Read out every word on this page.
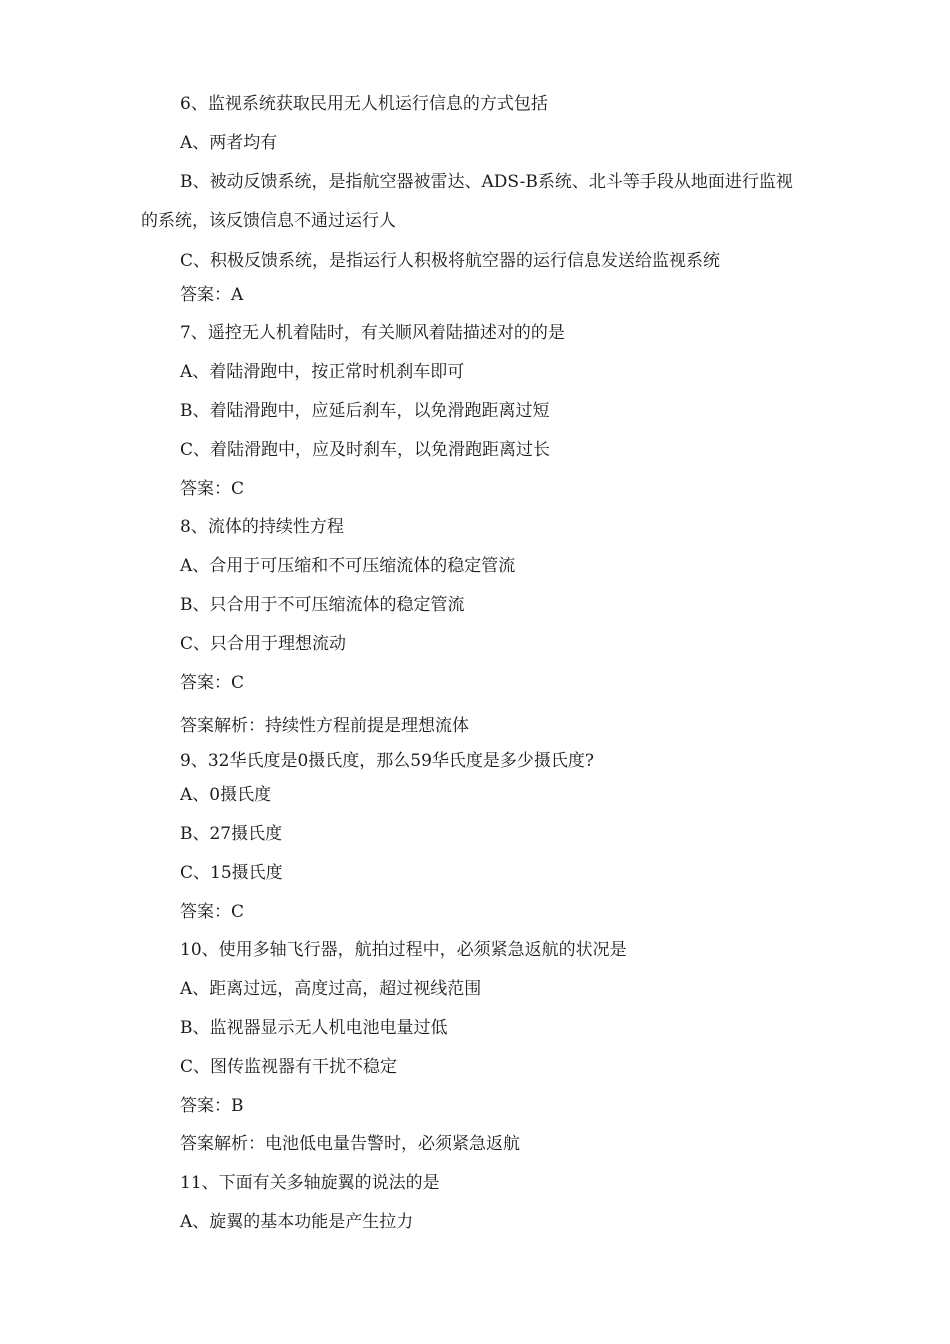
6、监视系统获取民用无人机运行信息的方式包括
A、两者均有
B、被动反馈系统，是指航空器被雷达、ADS-B系统、北斗等手段从地面进行监视
的系统，该反馈信息不通过运行人
C、积极反馈系统，是指运行人积极将航空器的运行信息发送给监视系统
答案：A
7、遥控无人机着陆时，有关顺风着陆描述对的的是
A、着陆滑跑中，按正常时机刹车即可
B、着陆滑跑中，应延后刹车，以免滑跑距离过短
C、着陆滑跑中，应及时刹车，以免滑跑距离过长
答案：C
8、流体的持续性方程
A、合用于可压缩和不可压缩流体的稳定管流
B、只合用于不可压缩流体的稳定管流
C、只合用于理想流动
答案：C
答案解析：持续性方程前提是理想流体
9、32华氏度是0摄氏度，那么59华氏度是多少摄氏度?
A、0摄氏度
B、27摄氏度
C、15摄氏度
答案：C
10、使用多轴飞行器，航拍过程中，必须紧急返航的状况是
A、距离过远，高度过高，超过视线范围
B、监视器显示无人机电池电量过低
C、图传监视器有干扰不稳定
答案：B
答案解析：电池低电量告警时，必须紧急返航
11、下面有关多轴旋翼的说法的是
A、旋翼的基本功能是产生拉力
